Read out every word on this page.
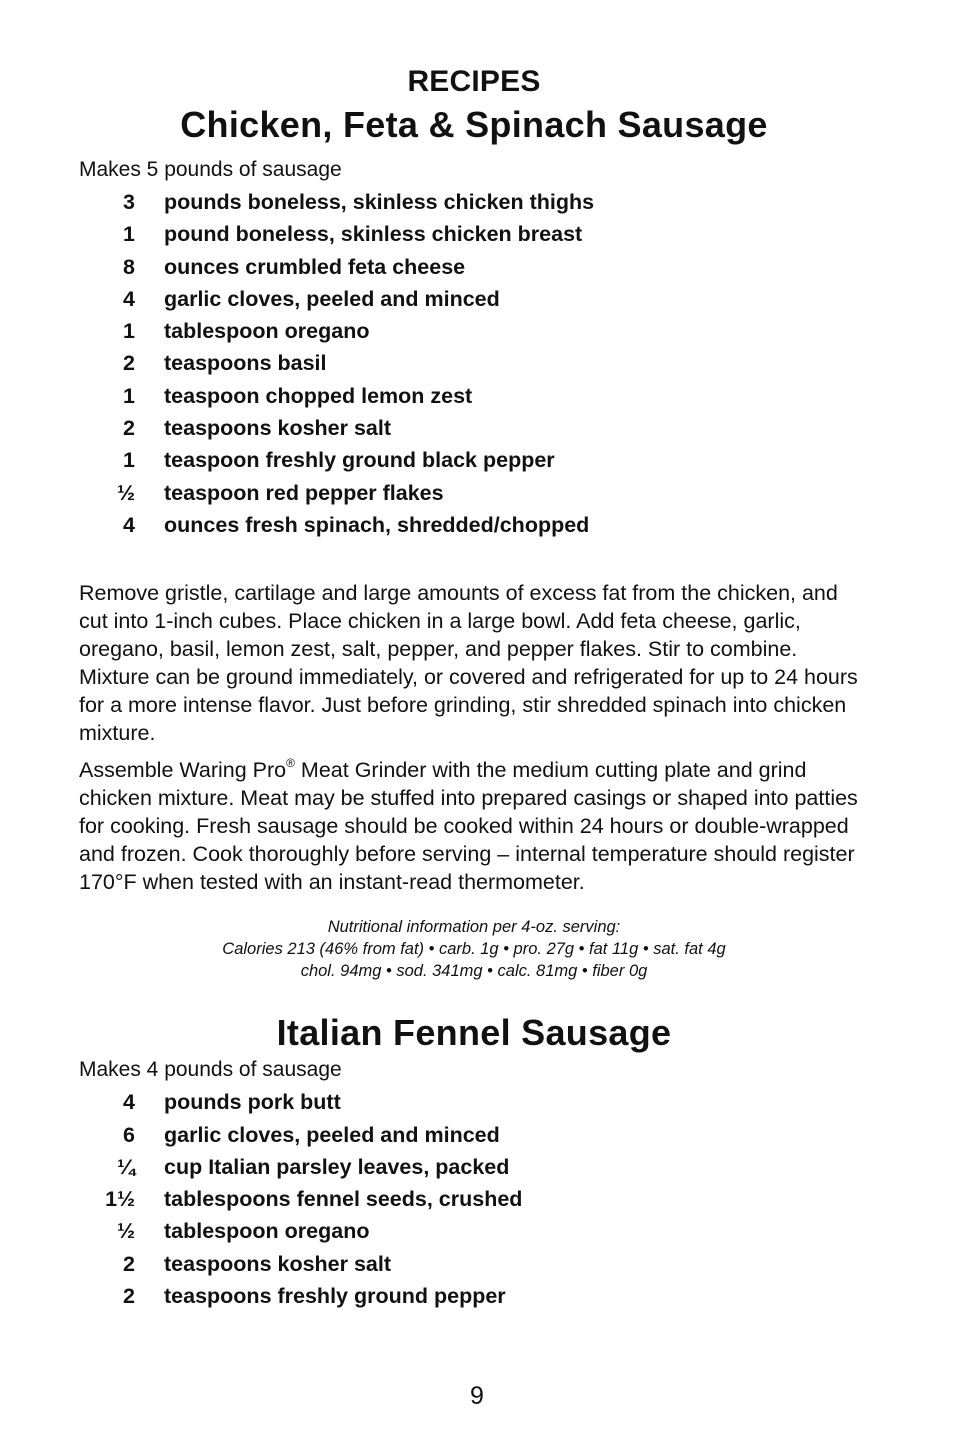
RECIPES
Chicken, Feta & Spinach Sausage

Makes 5 pounds of sausage

3 pounds boneless, skinless chicken thighs
1 pound boneless, skinless chicken breast
8 ounces crumbled feta cheese
4 garlic cloves, peeled and minced
1 tablespoon oregano
2 teaspoons basil
1 teaspoon chopped lemon zest
2 teaspoons kosher salt
1 teaspoon freshly ground black pepper
½ teaspoon red pepper flakes
4 ounces fresh spinach, shredded/chopped

Remove gristle, cartilage and large amounts of excess fat from the chicken, and cut into 1-inch cubes. Place chicken in a large bowl. Add feta cheese, garlic, oregano, basil, lemon zest, salt, pepper, and pepper flakes. Stir to combine. Mixture can be ground immediately, or covered and refrigerated for up to 24 hours for a more intense flavor. Just before grinding, stir shredded spinach into chicken mixture.

Assemble Waring Pro® Meat Grinder with the medium cutting plate and grind chicken mixture. Meat may be stuffed into prepared casings or shaped into patties for cooking. Fresh sausage should be cooked within 24 hours or double-wrapped and frozen. Cook thoroughly before serving – internal temperature should register 170°F when tested with an instant-read thermometer.

Nutritional information per 4-oz. serving:
Calories 213 (46% from fat) • carb. 1g • pro. 27g • fat 11g • sat. fat 4g
chol. 94mg • sod. 341mg • calc. 81mg • fiber 0g
Italian Fennel Sausage

Makes 4 pounds of sausage

4 pounds pork butt
6 garlic cloves, peeled and minced
¼ cup Italian parsley leaves, packed
1½ tablespoons fennel seeds, crushed
½ tablespoon oregano
2 teaspoons kosher salt
2 teaspoons freshly ground pepper
9
